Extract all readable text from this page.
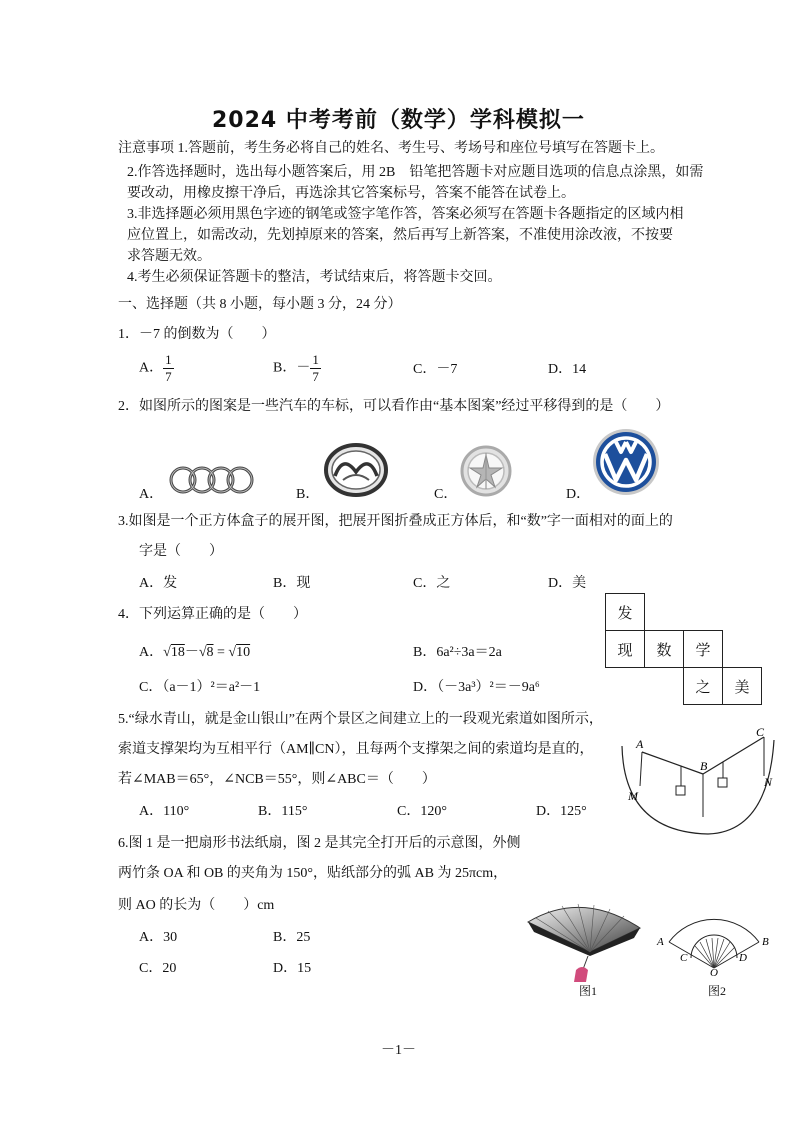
2024 中考考前（数学）学科模拟一
注意事项 1.答题前，考生务必将自己的姓名、考生号、考场号和座位号填写在答题卡上。
2.作答选择题时，选出每小题答案后，用 2B　铅笔把答题卡对应题目选项的信息点涂黑，如需
要改动，用橡皮擦干净后，再选涂其它答案标号，答案不能答在试卷上。
3.非选择题必须用黑色字迹的钢笔或签字笔作答，答案必须写在答题卡各题指定的区域内相
应位置上，如需改动，先划掉原来的答案，然后再写上新答案，不准使用涂改液，不按要
求答题无效。
4.考生必须保证答题卡的整洁，考试结束后，将答题卡交回。
一、选择题（共 8 小题，每小题 3 分，24 分）
1．－7 的倒数为（　　）
A． $\frac{1}{7}$	B．－ $\frac{1}{7}$	C．－7	D．14
2．如图所示的图案是一些汽车的车标，可以看作由“基本图案”经过平移得到的是（　　）
A．	B．	C．	D．
3.如图是一个正方体盒子的展开图，把展开图折叠成正方体后，和“数”字一面相对的面上的
字是（　　）
A．发	B．现	C．之	D．美
发			
现	数	学	
		之	美
4．下列运算正确的是（　　）
A．√18－√8 = √10	B．6a²÷3a＝2a
C．（a－1）²＝a²－1	D．（－3a³）²＝－9a⁶
5.“绿水青山，就是金山银山”在两个景区之间建立上的一段观光索道如图所示，
索道支撑架均为互相平行（AM∥CN），且每两个支撑架之间的索道均是直的，
若∠MAB＝65°，∠NCB＝55°，则∠ABC＝（　　）
A．110°	B．115°	C．120°	D．125°
A
B
C
M
N
6.图 1 是一把扇形书法纸扇，图 2 是其完全打开后的示意图，外侧
两竹条 OA 和 OB 的夹角为 150°，贴纸部分的弧 AB 为 25πcm，
则 AO 的长为（　　）cm
A．30	B．25
C．20	D．15
图1
A	B
C	D
O
图2
－1－
